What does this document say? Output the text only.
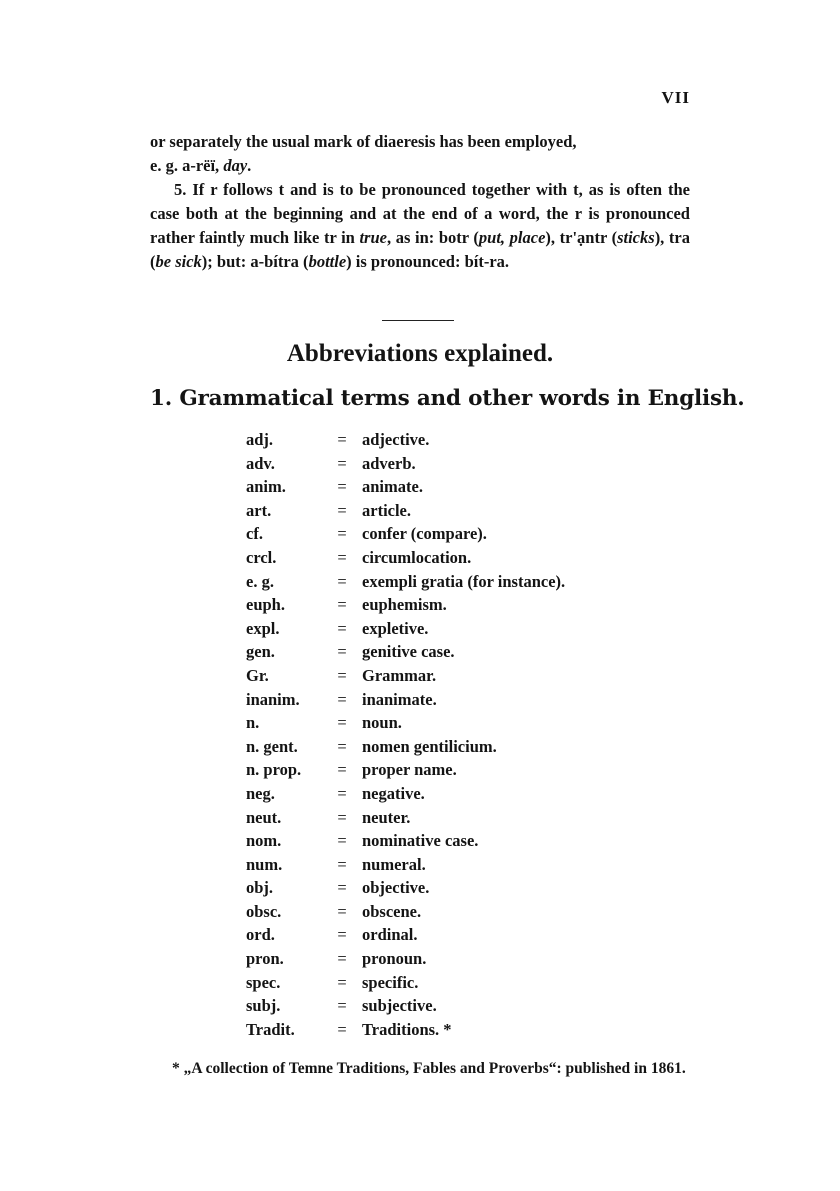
VII

or separately the usual mark of diaeresis has been employed,

e. g. a-rëï, day.

5. If r follows t and is to be pronounced together with t, as is often the case both at the beginning and at the end of a word, the r is pronounced rather faintly much like tr in true, as in: botr (put, place), tr'ạntr (sticks), tra (be sick); but: a-bítra (bottle) is pronounced: bít-ra.

Abbreviations explained.
1. Grammatical terms and other words in English.
adj.	=	adjective.
adv.	=	adverb.
anim.	=	animate.
art.	=	article.
cf.	=	confer (compare).
crcl.	=	circumlocation.
e. g.	=	exempli gratia (for instance).
euph.	=	euphemism.
expl.	=	expletive.
gen.	=	genitive case.
Gr.	=	Grammar.
inanim.	=	inanimate.
n.	=	noun.
n. gent.	=	nomen gentilicium.
n. prop.	=	proper name.
neg.	=	negative.
neut.	=	neuter.
nom.	=	nominative case.
num.	=	numeral.
obj.	=	objective.
obsc.	=	obscene.
ord.	=	ordinal.
pron.	=	pronoun.
spec.	=	specific.
subj.	=	subjective.
Tradit.	=	Traditions. *

* „A collection of Temne Traditions, Fables and Proverbs“: published in 1861.
